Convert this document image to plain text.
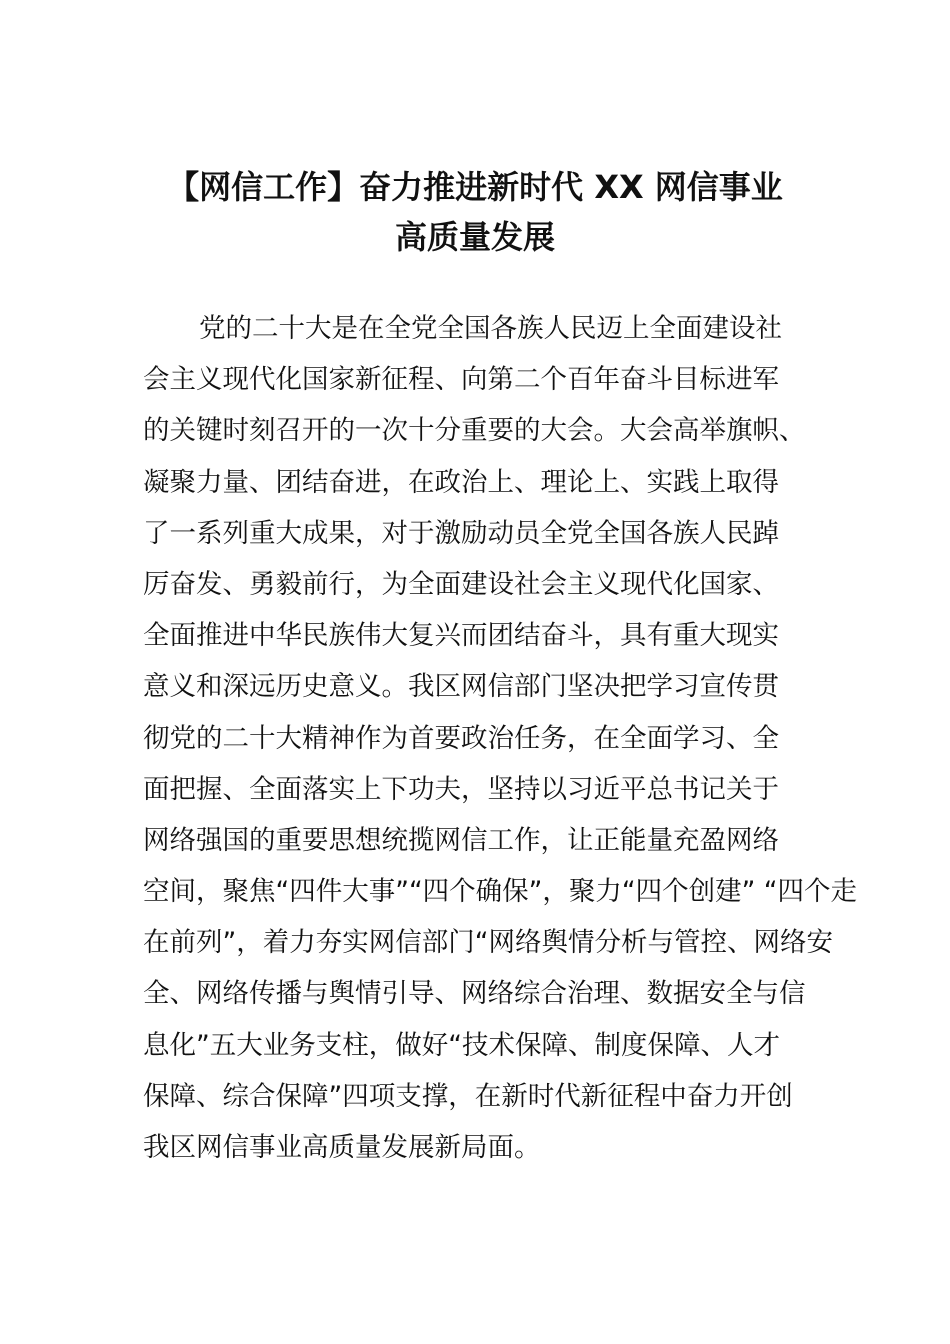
【网信工作】奋力推进新时代 XX 网信事业
高质量发展
党的二十大是在全党全国各族人民迈上全面建设社
会主义现代化国家新征程、向第二个百年奋斗目标进军
的关键时刻召开的一次十分重要的大会。大会高举旗帜、
凝聚力量、团结奋进，在政治上、理论上、实践上取得
了一系列重大成果，对于激励动员全党全国各族人民踔
厉奋发、勇毅前行，为全面建设社会主义现代化国家、
全面推进中华民族伟大复兴而团结奋斗，具有重大现实
意义和深远历史意义。我区网信部门坚决把学习宣传贯
彻党的二十大精神作为首要政治任务，在全面学习、全
面把握、全面落实上下功夫，坚持以习近平总书记关于
网络强国的重要思想统揽网信工作，让正能量充盈网络
空间，聚焦“四件大事”“四个确保”，聚力“四个创建” “四个走
在前列”，着力夯实网信部门“网络舆情分析与管控、网络安
全、网络传播与舆情引导、网络综合治理、数据安全与信
息化”五大业务支柱，做好“技术保障、制度保障、人才
保障、综合保障”四项支撑，在新时代新征程中奋力开创
我区网信事业高质量发展新局面。
